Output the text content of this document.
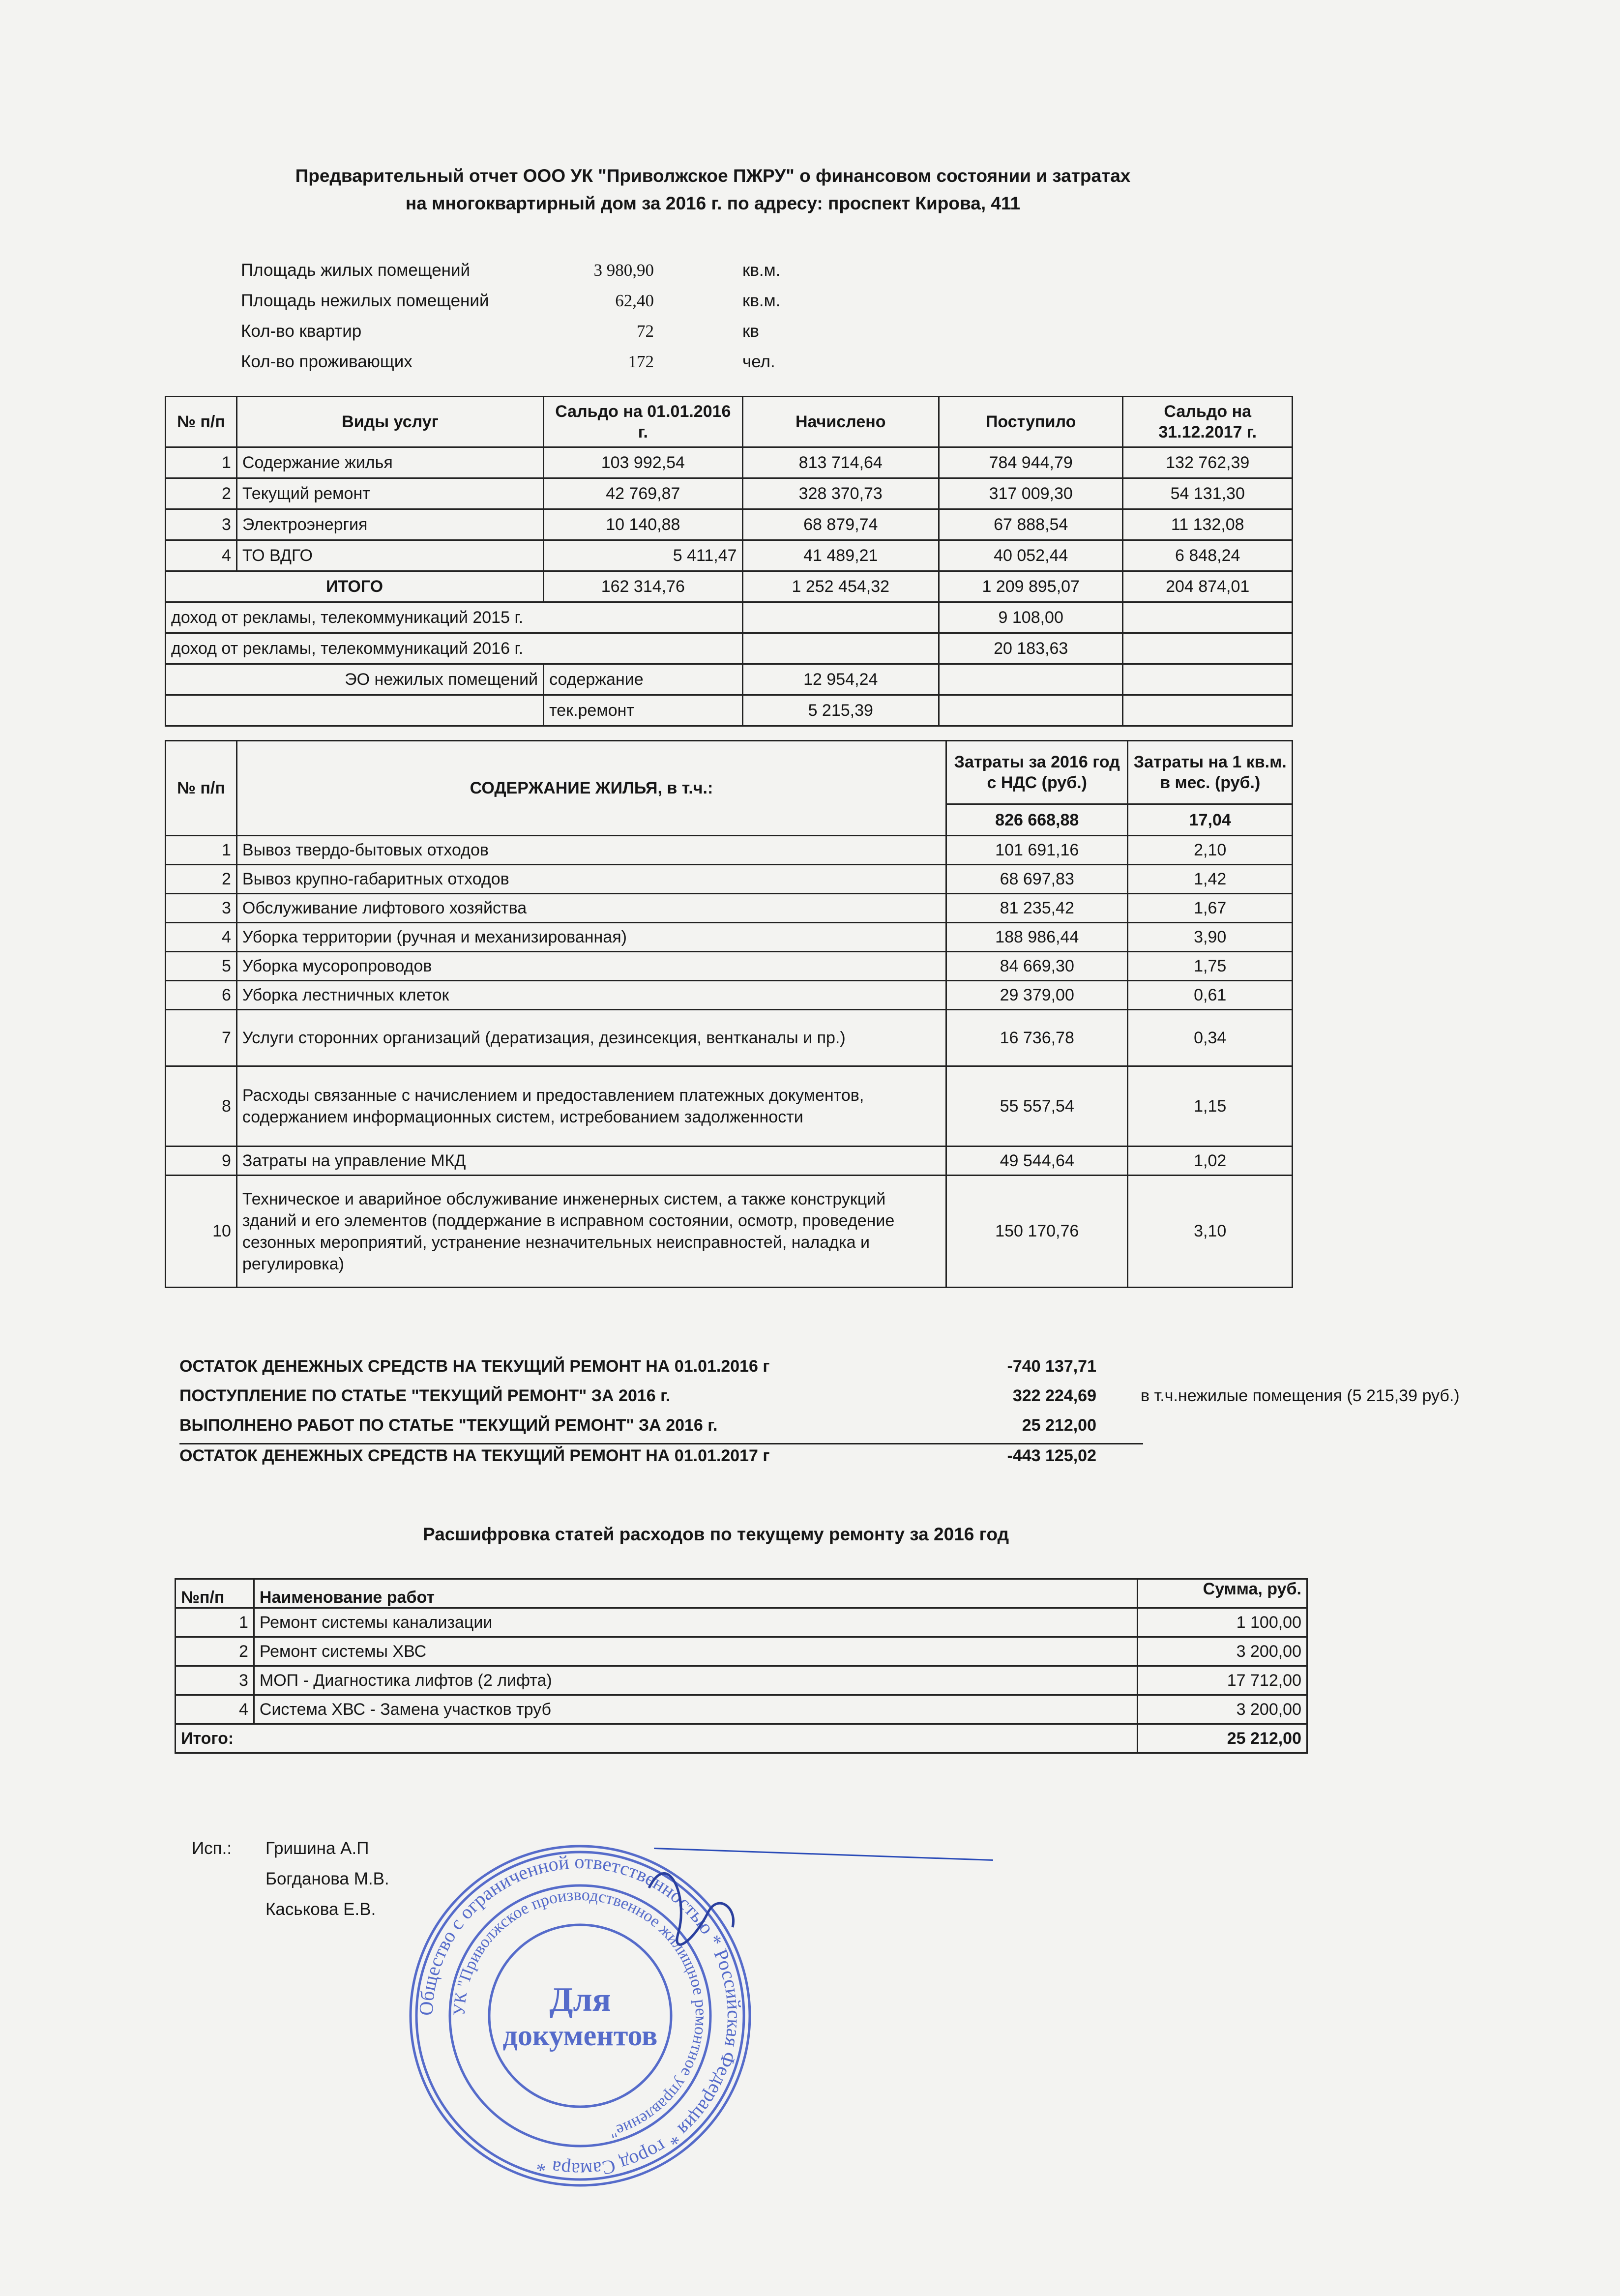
Предварительный отчет ООО УК "Приволжское ПЖРУ" о финансовом состоянии и затратах
на многоквартирный дом за 2016 г. по адресу: проспект Кирова, 411
Площадь жилых помещений	3 980,90	кв.м.
Площадь нежилых помещений	62,40	кв.м.
Кол-во квартир	72	кв
Кол-во проживающих	172	чел.
№ п/п	Виды услуг	Сальдо на 01.01.2016 г.	Начислено	Поступило	Сальдо на 31.12.2017 г.
1	Содержание жилья	103 992,54	813 714,64	784 944,79	132 762,39
2	Текущий ремонт	42 769,87	328 370,73	317 009,30	54 131,30
3	Электроэнергия	10 140,88	68 879,74	67 888,54	11 132,08
4	ТО ВДГО	5 411,47	41 489,21	40 052,44	6 848,24
ИТОГО		162 314,76	1 252 454,32	1 209 895,07	204 874,01
доход от рекламы, телекоммуникаций 2015 г.				9 108,00	
доход от рекламы, телекоммуникаций 2016 г.				20 183,63	
ЭО нежилых помещений		содержание	12 954,24		
		тек.ремонт	5 215,39		
№ п/п	СОДЕРЖАНИЕ ЖИЛЬЯ, в т.ч.:	Затраты за 2016 год с НДС (руб.)	Затраты на 1 кв.м. в мес. (руб.)
		826 668,88	17,04
1	Вывоз твердо-бытовых отходов	101 691,16	2,10
2	Вывоз крупно-габаритных отходов	68 697,83	1,42
3	Обслуживание лифтового хозяйства	81 235,42	1,67
4	Уборка территории (ручная и механизированная)	188 986,44	3,90
5	Уборка мусоропроводов	84 669,30	1,75
6	Уборка лестничных клеток	29 379,00	0,61
7	Услуги сторонних организаций (дератизация, дезинсекция, вентканалы и пр.)	16 736,78	0,34
8	Расходы связанные с начислением и предоставлением платежных документов, содержанием информационных систем, истребованием задолженности	55 557,54	1,15
9	Затраты на управление МКД	49 544,64	1,02
10	Техническое и аварийное обслуживание инженерных систем, а также конструкций зданий и его элементов (поддержание в исправном состоянии, осмотр, проведение сезонных мероприятий, устранение незначительных неисправностей, наладка и регулировка)	150 170,76	3,10
ОСТАТОК ДЕНЕЖНЫХ СРЕДСТВ НА ТЕКУЩИЙ РЕМОНТ НА 01.01.2016 г	-740 137,71
ПОСТУПЛЕНИЕ ПО СТАТЬЕ "ТЕКУЩИЙ РЕМОНТ" ЗА 2016 г.	322 224,69
ВЫПОЛНЕНО РАБОТ ПО СТАТЬЕ "ТЕКУЩИЙ РЕМОНТ" ЗА 2016 г.	25 212,00
ОСТАТОК ДЕНЕЖНЫХ СРЕДСТВ НА ТЕКУЩИЙ РЕМОНТ НА 01.01.2017 г	-443 125,02
в т.ч.нежилые помещения (5 215,39 руб.)
Расшифровка статей расходов по текущему ремонту за 2016 год
№п/п	Наименование работ	Сумма, руб.
1	Ремонт системы канализации	1 100,00
2	Ремонт системы ХВС	3 200,00
3	МОП - Диагностика лифтов (2 лифта)	17 712,00
4	Система ХВС - Замена участков труб	3 200,00
Итого:		25 212,00
Исп.: Гришина А.П
Богданова М.В.
Каськова Е.В.
Общество с ограниченной ответственностью * Российская Федерация * город Самара *
УК "Приволжское производственное жилищное ремонтное управление"
Для
документов
